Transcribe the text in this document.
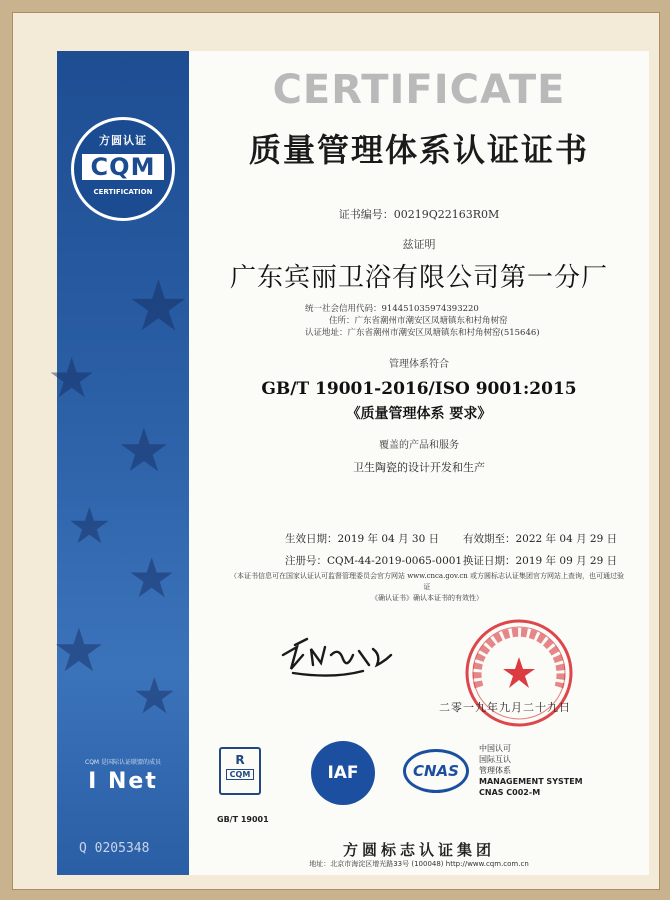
★
★
★
★
★
★
★
方圆认证
CQM
CERTIFICATION
CQM 是国际认证联盟的成员
I Net
Q 0205348
CERTIFICATE
质量管理体系认证证书
证书编号：00219Q22163R0M
兹证明
广东宾丽卫浴有限公司第一分厂
统一社会信用代码：914451035974393220
住所：广东省潮州市潮安区凤塘镇东和村角树窑
认证地址：广东省潮州市潮安区凤塘镇东和村角树窑(515646)
管理体系符合
GB/T 19001-2016/ISO 9001:2015
《质量管理体系 要求》
覆盖的产品和服务
卫生陶瓷的设计开发和生产
生效日期：2019 年 04 月 30 日 有效期至：2022 年 04 月 29 日
注册号：CQM-44-2019-0065-0001 换证日期：2019 年 09 月 29 日
（本证书信息可在国家认证认可监督管理委员会官方网站 www.cnca.gov.cn 或方圆标志认证集团官方网站上查询，也可通过验证
《确认证书》确认本证书的有效性）
二零一九年九月二十九日
R
CQM
GB/T 19001
IAF	CNAS
中国认可
国际互认
管理体系
MANAGEMENT SYSTEM
CNAS C002-M
方圆标志认证集团
地址：北京市海淀区增光路33号 (100048) http://www.cqm.com.cn
